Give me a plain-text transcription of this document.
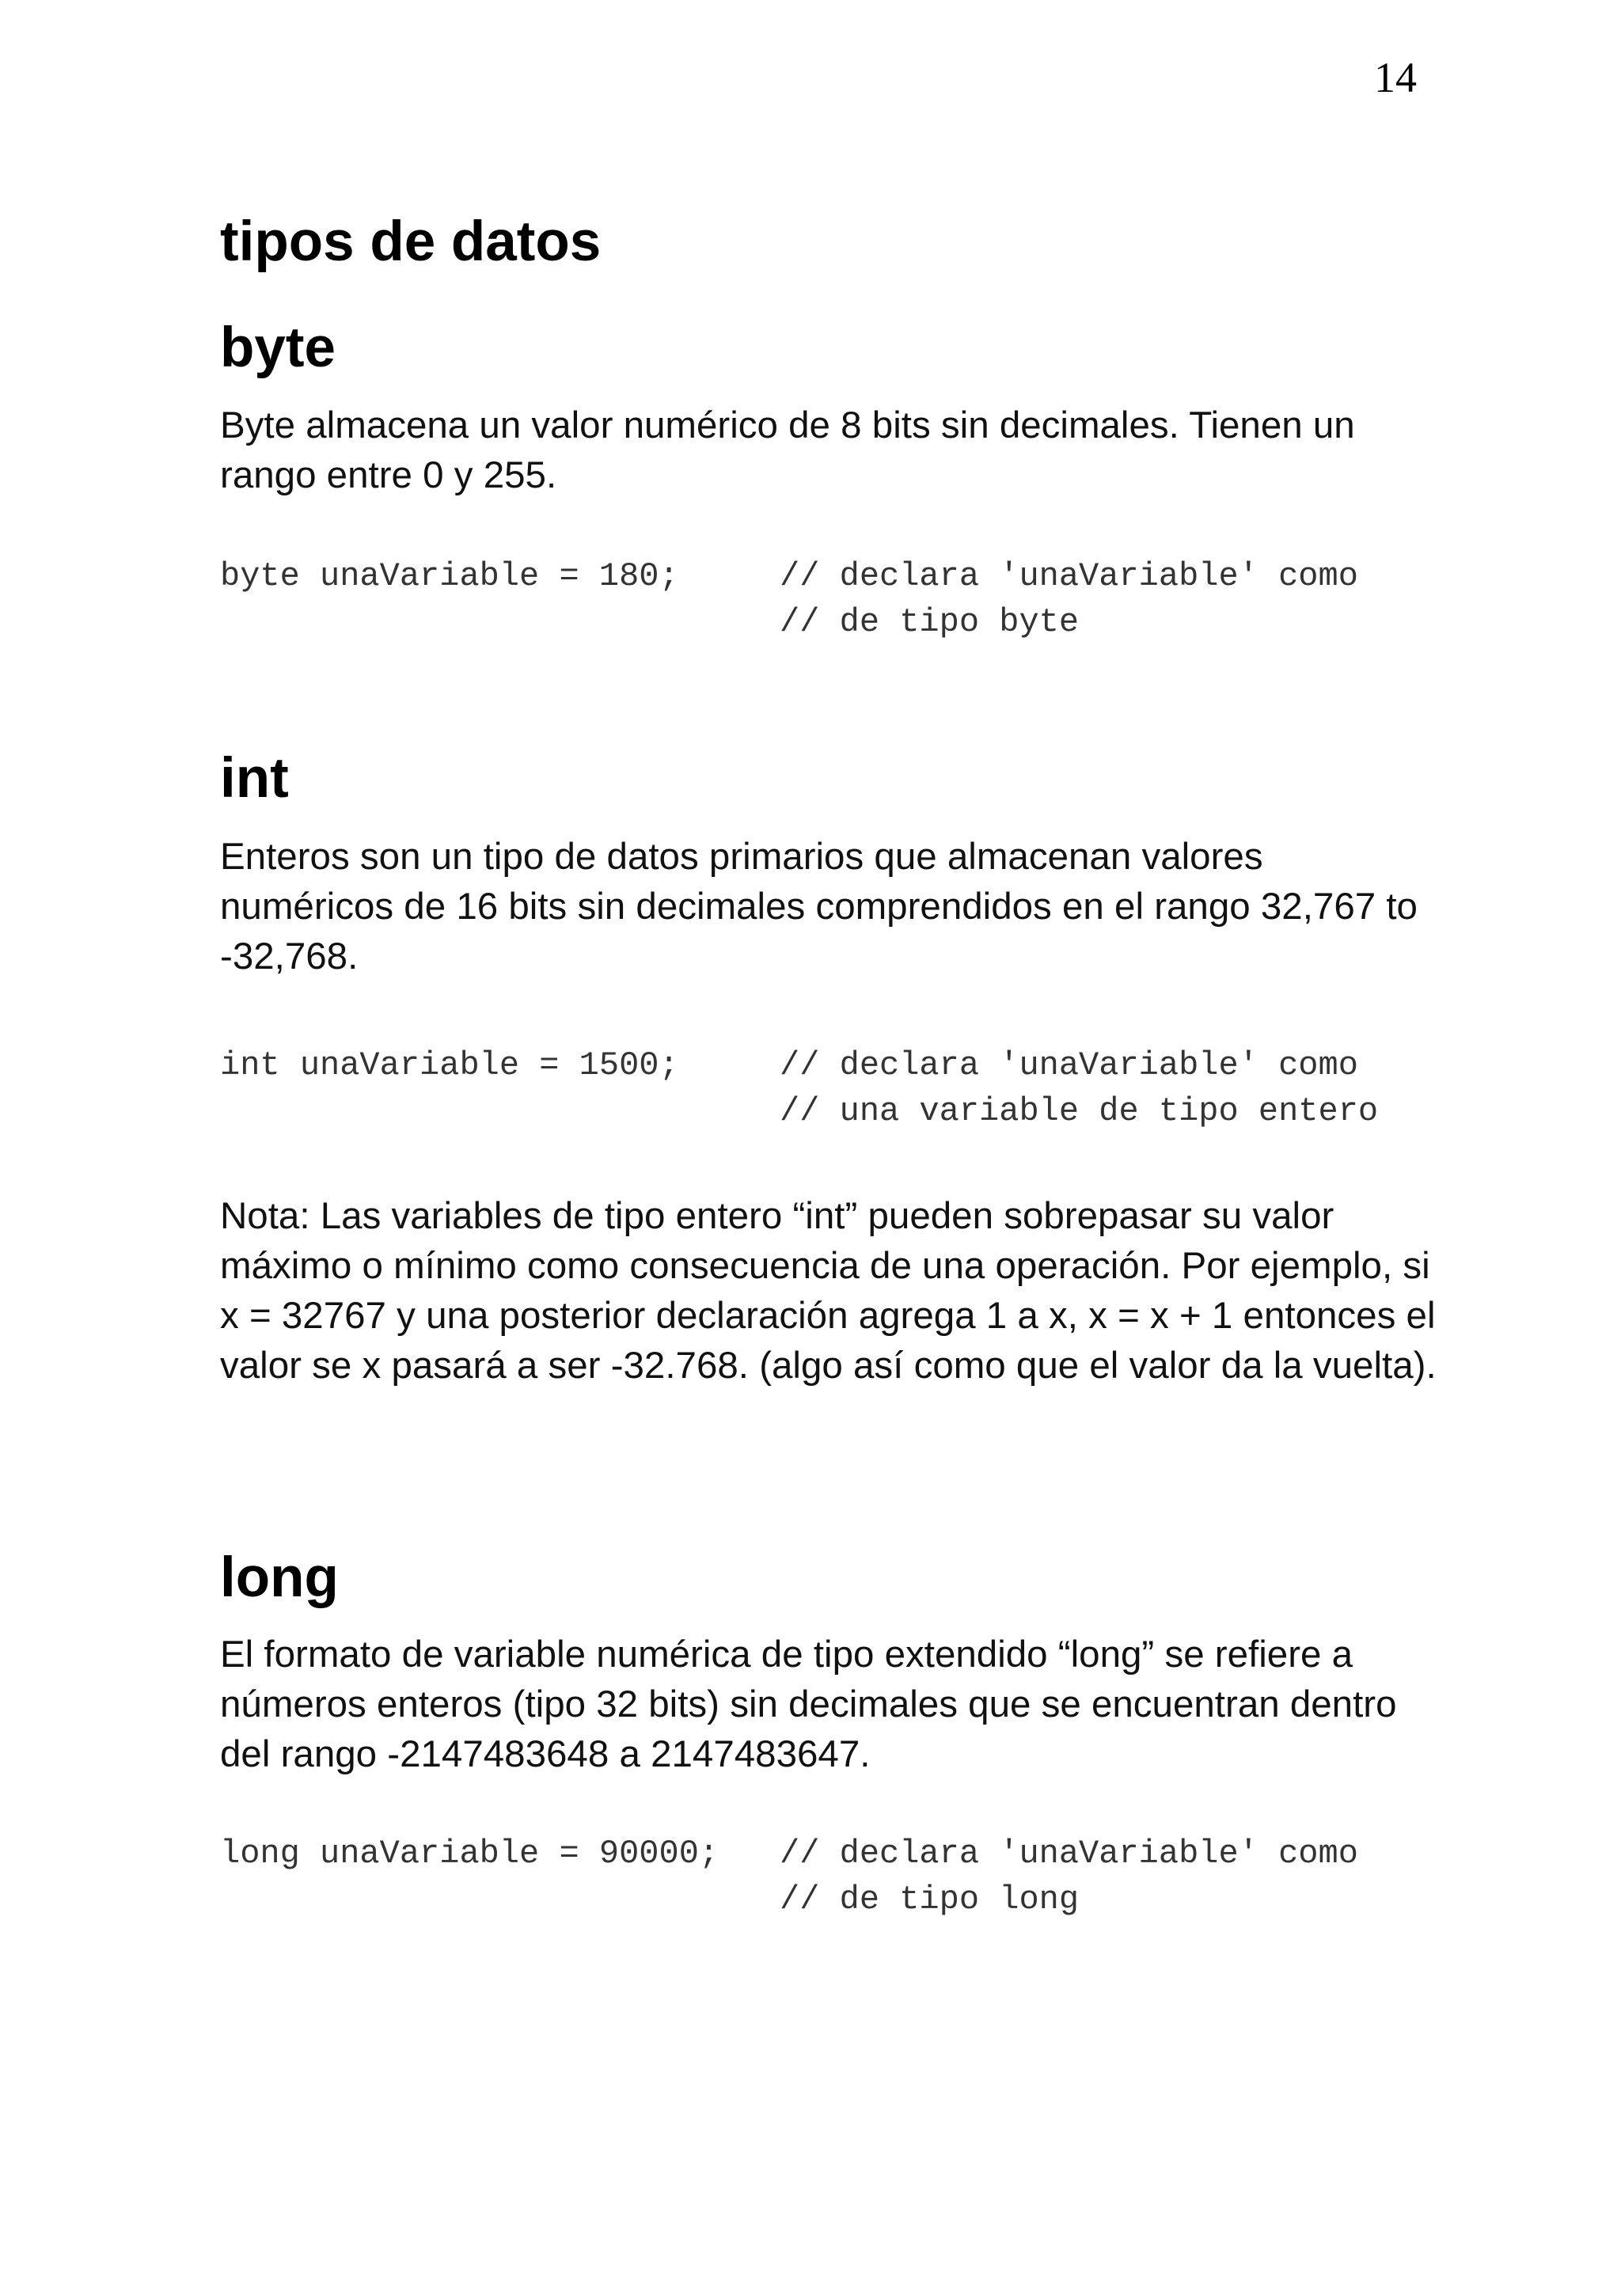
14
tipos de datos
byte

Byte almacena un valor numérico de 8 bits sin decimales. Tienen un rango entre 0 y 255.

byte unaVariable = 180;	// declara 'unaVariable' como
// de tipo byte
int

Enteros son un tipo de datos primarios que almacenan valores numéricos de 16 bits sin decimales comprendidos en el rango 32,767 to -32,768.

int unaVariable = 1500;	// declara 'unaVariable' como
// una variable de tipo entero

Nota: Las variables de tipo entero “int” pueden sobrepasar su valor máximo o mínimo como consecuencia de una operación. Por ejemplo, si x = 32767 y una posterior declaración agrega 1 a x, x = x + 1 entonces el valor se x pasará a ser -32.768. (algo así como que el valor da la vuelta).

long

El formato de variable numérica de tipo extendido “long” se refiere a números enteros (tipo 32 bits) sin decimales que se encuentran dentro del rango -2147483648 a 2147483647.

long unaVariable = 90000; // declara 'unaVariable' como
// de tipo long
